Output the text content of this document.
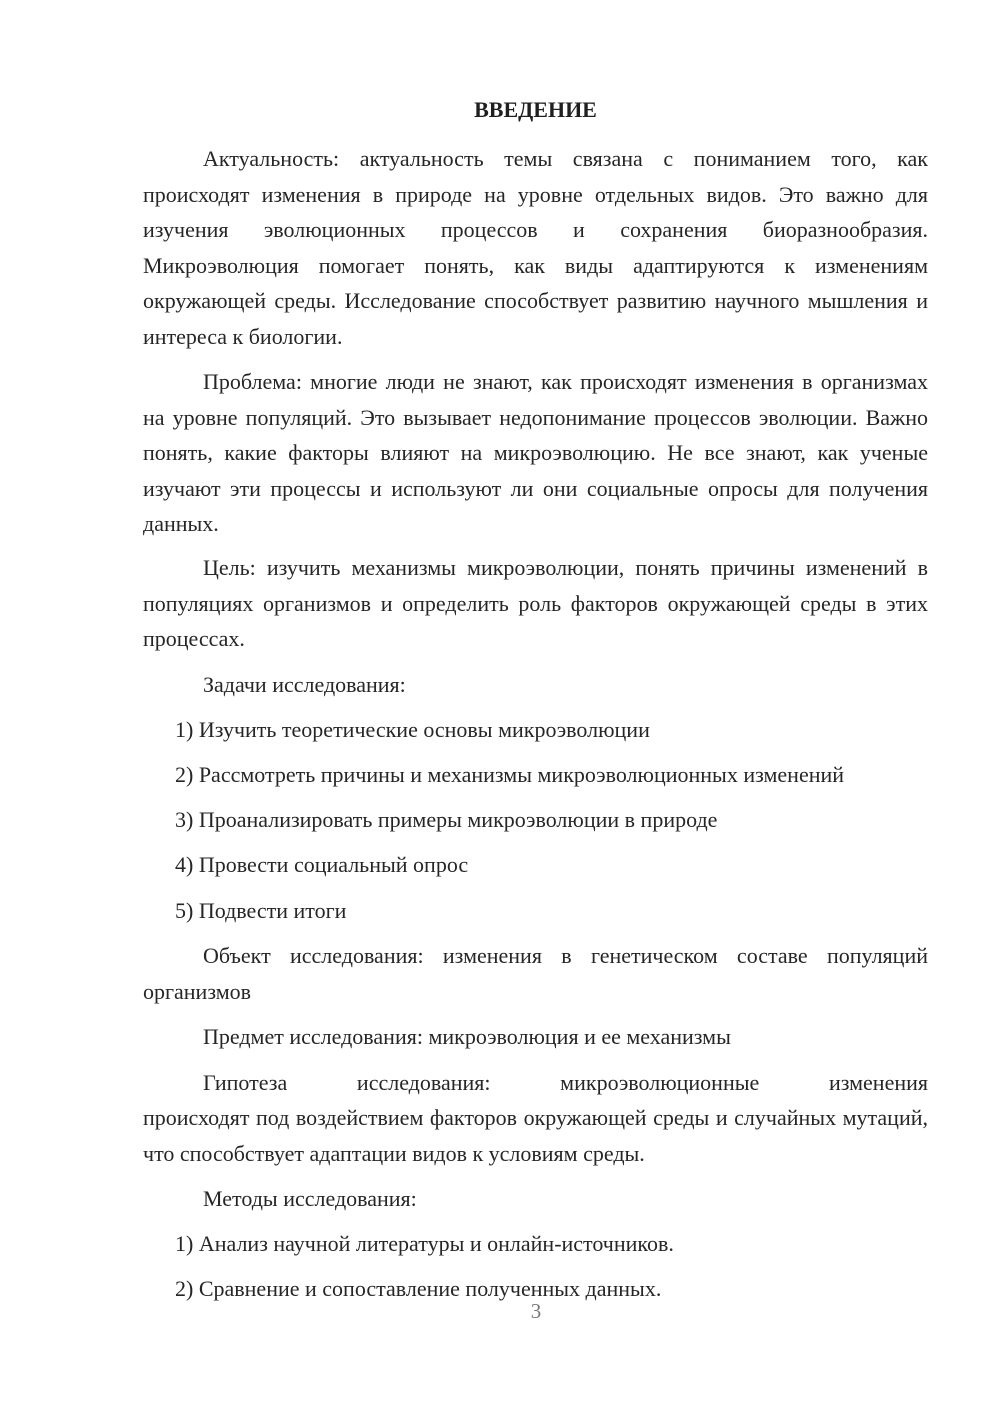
ВВЕДЕНИЕ

Актуальность: актуальность темы связана с пониманием того, как происходят изменения в природе на уровне отдельных видов. Это важно для изучения эволюционных процессов и сохранения биоразнообразия. Микроэволюция помогает понять, как виды адаптируются к изменениям окружающей среды. Исследование способствует развитию научного мышления и интереса к биологии.

Проблема: многие люди не знают, как происходят изменения в организмах на уровне популяций. Это вызывает недопонимание процессов эволюции. Важно понять, какие факторы влияют на микроэволюцию. Не все знают, как ученые изучают эти процессы и используют ли они социальные опросы для получения данных.

Цель: изучить механизмы микроэволюции, понять причины изменений в популяциях организмов и определить роль факторов окружающей среды в этих процессах.

Задачи исследования:

1) Изучить теоретические основы микроэволюции

2) Рассмотреть причины и механизмы микроэволюционных изменений

3) Проанализировать примеры микроэволюции в природе

4) Провести социальный опрос

5) Подвести итоги

Объект исследования: изменения в генетическом составе популяций организмов

Предмет исследования: микроэволюция и ее механизмы

Гипотеза исследования: микроэволюционные изменения

происходят под воздействием факторов окружающей среды и случайных мутаций, что способствует адаптации видов к условиям среды.

Методы исследования:

1) Анализ научной литературы и онлайн-источников.

2) Сравнение и сопоставление полученных данных.

3
